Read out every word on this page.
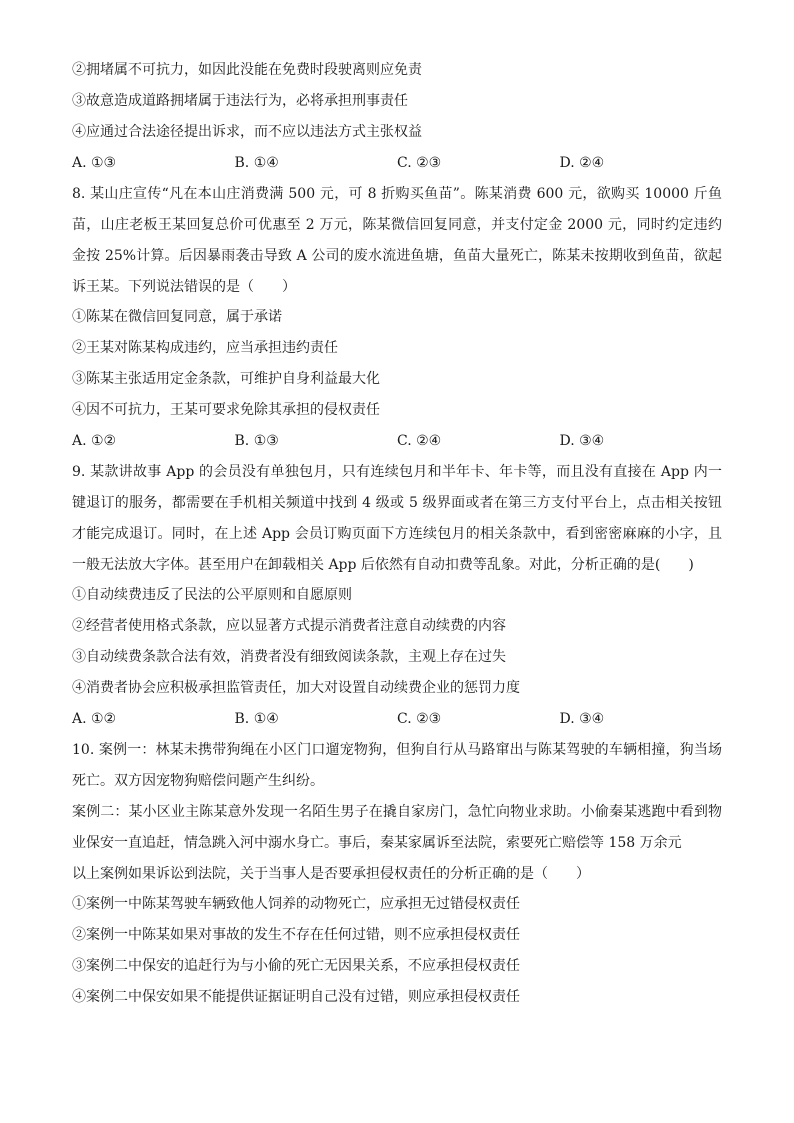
②拥堵属不可抗力，如因此没能在免费时段驶离则应免责
③故意造成道路拥堵属于违法行为，必将承担刑事责任
④应通过合法途径提出诉求，而不应以违法方式主张权益
A. ①③	B. ①④	C. ②③	D. ②④
8. 某山庄宣传“凡在本山庄消费满 500 元，可 8 折购买鱼苗”。陈某消费 600 元，欲购买 10000 斤鱼苗，山庄老板王某回复总价可优惠至 2 万元，陈某微信回复同意，并支付定金 2000 元，同时约定违约金按 25%计算。后因暴雨袭击导致 A 公司的废水流进鱼塘，鱼苗大量死亡，陈某未按期收到鱼苗，欲起诉王某。下列说法错误的是（　　）
①陈某在微信回复同意，属于承诺
②王某对陈某构成违约，应当承担违约责任
③陈某主张适用定金条款，可维护自身利益最大化
④因不可抗力，王某可要求免除其承担的侵权责任
A. ①②	B. ①③	C. ②④	D. ③④
9. 某款讲故事 App 的会员没有单独包月，只有连续包月和半年卡、年卡等，而且没有直接在 App 内一键退订的服务，都需要在手机相关频道中找到 4 级或 5 级界面或者在第三方支付平台上，点击相关按钮才能完成退订。同时，在上述 App 会员订购页面下方连续包月的相关条款中，看到密密麻麻的小字，且一般无法放大字体。甚至用户在卸载相关 App 后依然有自动扣费等乱象。对此，分析正确的是(　　)
①自动续费违反了民法的公平原则和自愿原则
②经营者使用格式条款，应以显著方式提示消费者注意自动续费的内容
③自动续费条款合法有效，消费者没有细致阅读条款，主观上存在过失
④消费者协会应积极承担监管责任，加大对设置自动续费企业的惩罚力度
A. ①②	B. ①④	C. ②③	D. ③④
10. 案例一：林某未携带狗绳在小区门口遛宠物狗，但狗自行从马路窜出与陈某驾驶的车辆相撞，狗当场死亡。双方因宠物狗赔偿问题产生纠纷。
案例二：某小区业主陈某意外发现一名陌生男子在撬自家房门，急忙向物业求助。小偷秦某逃跑中看到物业保安一直追赶，情急跳入河中溺水身亡。事后，秦某家属诉至法院，索要死亡赔偿等 158 万余元
以上案例如果诉讼到法院，关于当事人是否要承担侵权责任的分析正确的是（　　）
①案例一中陈某驾驶车辆致他人饲养的动物死亡，应承担无过错侵权责任
②案例一中陈某如果对事故的发生不存在任何过错，则不应承担侵权责任
③案例二中保安的追赶行为与小偷的死亡无因果关系，不应承担侵权责任
④案例二中保安如果不能提供证据证明自己没有过错，则应承担侵权责任
